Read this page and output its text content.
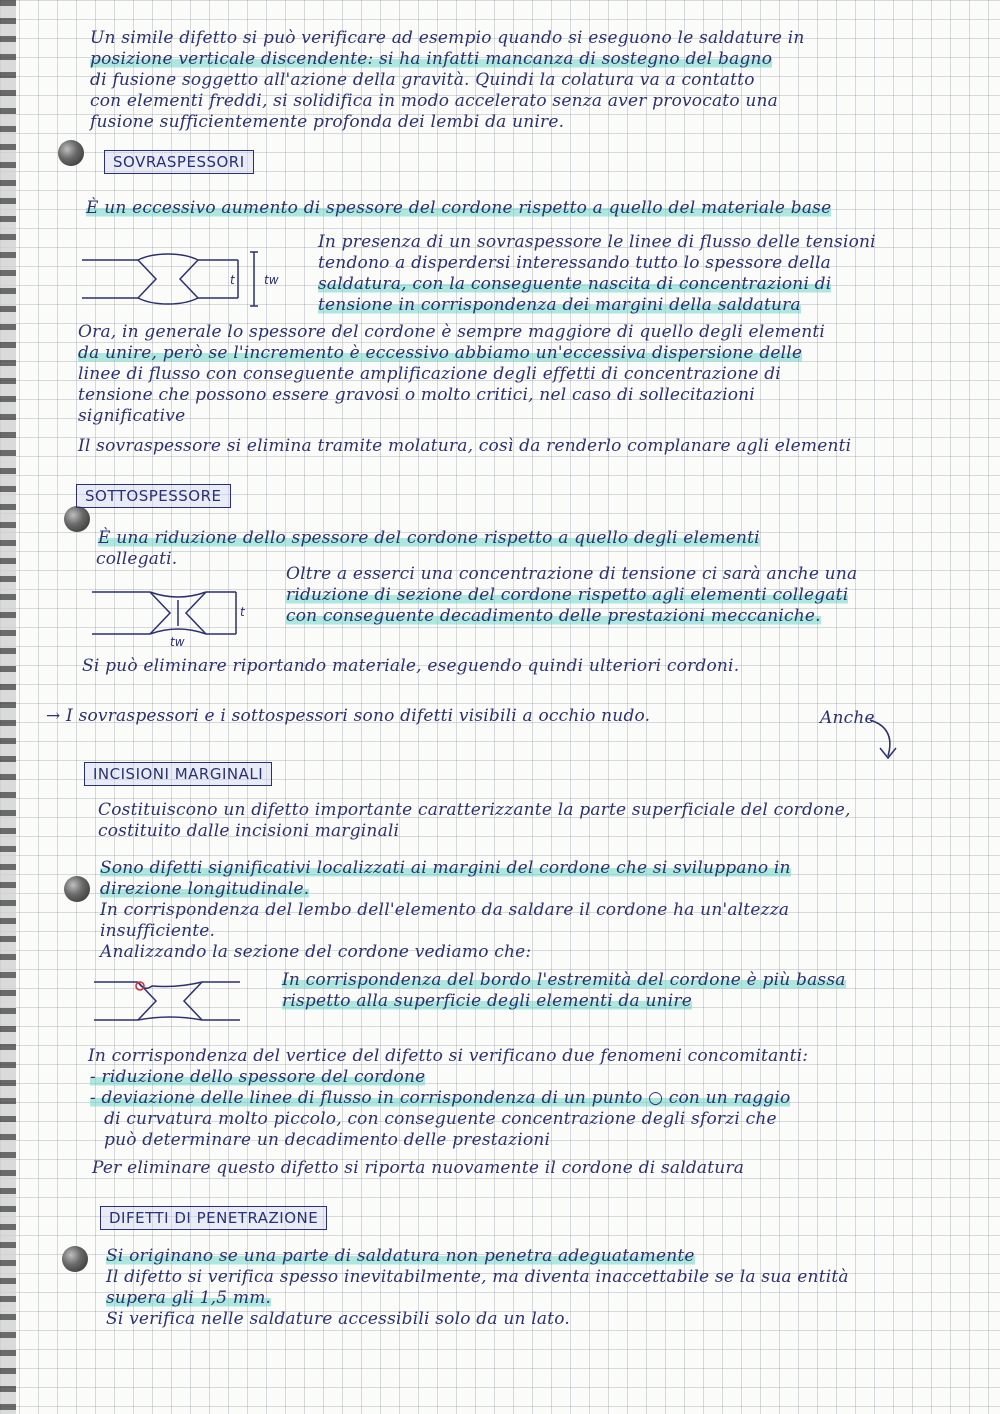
Un simile difetto si può verificare ad esempio quando si eseguono le saldature in
posizione verticale discendente: si ha infatti mancanza di sostegno del bagno
di fusione soggetto all'azione della gravità. Quindi la colatura va a contatto
con elementi freddi, si solidifica in modo accelerato senza aver provocato una
fusione sufficientemente profonda dei lembi da unire.
SOVRASPESSORI
È un eccessivo aumento di spessore del cordone rispetto a quello del materiale base
t tw
In presenza di un sovraspessore le linee di flusso delle tensioni
tendono a disperdersi interessando tutto lo spessore della
saldatura, con la conseguente nascita di concentrazioni di
tensione in corrispondenza dei margini della saldatura
Ora, in generale lo spessore del cordone è sempre maggiore di quello degli elementi
da unire, però se l'incremento è eccessivo abbiamo un'eccessiva dispersione delle
linee di flusso con conseguente amplificazione degli effetti di concentrazione di
tensione che possono essere gravosi o molto critici, nel caso di sollecitazioni
significative
Il sovraspessore si elimina tramite molatura, così da renderlo complanare agli elementi
SOTTOSPESSORE
È una riduzione dello spessore del cordone rispetto a quello degli elementi
collegati.
t
tw
Oltre a esserci una concentrazione di tensione ci sarà anche una
riduzione di sezione del cordone rispetto agli elementi collegati
con conseguente decadimento delle prestazioni meccaniche.
Si può eliminare riportando materiale, eseguendo quindi ulteriori cordoni.
→ I sovraspessori e i sottospessori sono difetti visibili a occhio nudo.	Anche
INCISIONI MARGINALI
Costituiscono un difetto importante caratterizzante la parte superficiale del cordone,
costituito dalle incisioni marginali
Sono difetti significativi localizzati ai margini del cordone che si sviluppano in
direzione longitudinale.
In corrispondenza del lembo dell'elemento da saldare il cordone ha un'altezza
insufficiente.
Analizzando la sezione del cordone vediamo che:
In corrispondenza del bordo l'estremità del cordone è più bassa
rispetto alla superficie degli elementi da unire
In corrispondenza del vertice del difetto si verificano due fenomeni concomitanti:
- riduzione dello spessore del cordone
- deviazione delle linee di flusso in corrispondenza di un punto ○ con un raggio
di curvatura molto piccolo, con conseguente concentrazione degli sforzi che
può determinare un decadimento delle prestazioni
Per eliminare questo difetto si riporta nuovamente il cordone di saldatura
DIFETTI DI PENETRAZIONE
Si originano se una parte di saldatura non penetra adeguatamente
Il difetto si verifica spesso inevitabilmente, ma diventa inaccettabile se la sua entità
supera gli 1,5 mm.
Si verifica nelle saldature accessibili solo da un lato.
